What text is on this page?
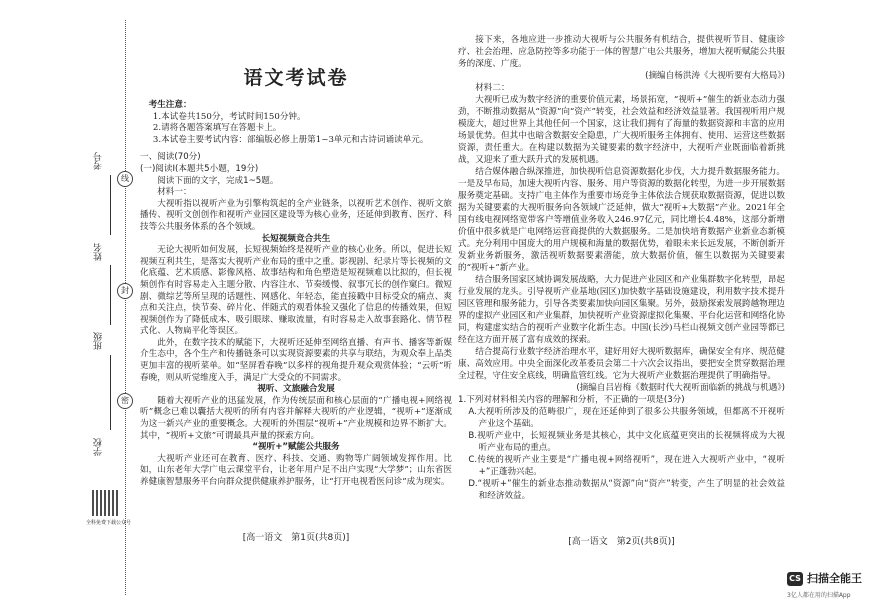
线
封
密
考号
姓名
班级
学校
全科免费下载公众号
语文考试卷

考生注意：

1.本试卷共150分，考试时间150分钟。

2.请将各题答案填写在答题卡上。

3.本试卷主要考试内容：部编版必修上册第1~3单元和古诗词诵读单元。

一、阅读(70分)

(一)阅读Ⅰ(本题共5小题，19分)

阅读下面的文字，完成1~5题。

材料一：

大视听指以视听产业为引擎构筑起的全产业链条，以视听艺术创作、视听文旅播传、视听文创创作和视听产业园区建设等为核心业务，还延伸到教育、医疗、科技等公共服务体系的各个领域。

长短视频竞合共生

无论大视听如何发展，长短视频始终是视听产业的核心业务。所以，促进长短视频互利共生，是落实大视听产业布局的重中之重。影视剧、纪录片等长视频的文化底蕴、艺术质感、影像风格、故事结构和角色塑造是短视频难以比拟的，但长视频创作有时容易走入主题分散、内容注水、节奏缓慢、叙事冗长的创作窠臼。微短剧、微综艺等所呈现的话题性、网感化、年轻态，能直接戳中目标受众的痛点、爽点和关注点，快节奏、碎片化、伴随式的观看体验又强化了信息的传播效果，但短视频创作为了降低成本、吸引眼球、赚取流量，有时容易走入故事套路化、情节程式化、人物扁平化等误区。

此外，在数字技术的赋能下，大视听还延伸至网络直播、有声书、播客等新媒介生态中，各个生产和传播链条可以实现资源要素的共享与联结，为观众奉上品类更加丰富的视听菜单。如“坚屏看春晚”以多样的视角提升观众观赏体验；“云听”听春晚，则从听觉维度入手，满足广大受众的不同需求。

视听、文旅融合发展

随着大视听产业的迅猛发展，作为传统层面和核心层面的“广播电视+网络视听”概念已难以囊括大视听的所有内容并解释大视听的产业逻辑，“视听+”逐渐成为这一新兴产业的重要概念。大视听的外围层“视听+”产业规模和边界不断扩大。其中，“视听+文旅”可谓最具声量的探索方向。

“视听+”赋能公共服务

大视听产业还可在教育、医疗、科技、交通、购物等广阔领域发挥作用。比如，山东老年大学广电云课堂平台，让老年用户足不出户实现“大学梦”；山东省医养健康智慧服务平台向群众提供健康养护服务，让“打开电视看医问诊”成为现实。

[高一语文　第1页(共8页)]

接下来，各地应进一步推动大视听与公共服务有机结合，提供视听节目、健康诊疗、社会治理、应急防控等多功能于一体的智慧广电公共服务，增加大视听赋能公共服务的深度、广度。

(摘编自杨洪涛《大视听要有大格局》)

材料二：

大视听已成为数字经济的重要价值元素，场景拓宽，“视听+”催生的新业态动力强劲，不断推动数据从“资源”向“资产”转变，社会效益和经济效益显著。我国视听用户规模庞大，超过世界上其他任何一个国家，这让我们拥有了海量的数据资源和丰富的应用场景优势。但其中也暗含数据安全隐患，广大视听服务主体拥有、使用、运营这些数据资源，责任重大。在构建以数据为关键要素的数字经济中，大视听产业既面临着新挑战，又迎来了重大跃升式的发展机遇。

结合媒体融合纵深推进，加快视听信息资源数据化步伐，大力提升数据服务能力。一是及早布局，加速大视听内容、服务、用户等资源的数据化转型，为进一步开展数据服务奠定基础。支持广电主体作为重要市场竞争主体依法合规获取数据资源，促进以数据为关键要素的大视听服务向各领域广泛延伸，做大“视听+大数据”产业。2021年全国有线电视网络宽带客户等增值业务收入246.97亿元，同比增长4.48%，这部分新增价值中很多就是广电网络运营商提供的大数据服务。二是加快培育数据产业新业态新模式。充分利用中国庞大的用户规模和海量的数据优势，着眼未来长远发展，不断创新开发新业务新服务，激活视听数据要素潜能，放大数据价值，催生以数据为关键要素的“视听+”新产业。

结合服务国家区域协调发展战略，大力促进产业园区和产业集群数字化转型，昂起行业发展的龙头。引导视听产业基地(园区)加快数字基础设施建设，利用数字技术提升园区管理和服务能力，引导各类要素加快向园区集聚。另外，鼓励探索发展跨越物理边界的虚拟产业园区和产业集群，加快视听产业资源虚拟化集聚、平台化运营和网络化协同，构建虚实结合的视听产业数字化新生态。中国(长沙)马栏山视频文创产业园等都已经在这方面开展了富有成效的探索。

结合提高行业数字经济治理水平，建好用好大视听数据库，确保安全有序、规范健康、高效应用。中央全面深化改革委员会第二十六次会议指出，要把安全贯穿数据治理全过程，守住安全底线，明确监管红线。它为大视听产业数据治理提供了明确指导。

(摘编自吕岩梅《数据时代大视听面临新的挑战与机遇》)

1.下列对材料相关内容的理解和分析，不正确的一项是(3分)

A.大视听所涉及的范畴很广，现在还延伸到了很多公共服务领域，但都离不开视听产业这个基础。

B.视听产业中，长短视频业务是其核心，其中文化底蕴更突出的长视频将成为大视听产业布局的重点。

C.传统的视听产业主要是“广播电视+网络视听”，现在进入大视听产业中，“视听+”正蓬勃兴起。

D.“视听+”催生的新业态推动数据从“资源”向“资产”转变，产生了明显的社会效益和经济效益。

[高一语文　第2页(共8页)]
CS 扫描全能王
3亿人都在用的扫描App
